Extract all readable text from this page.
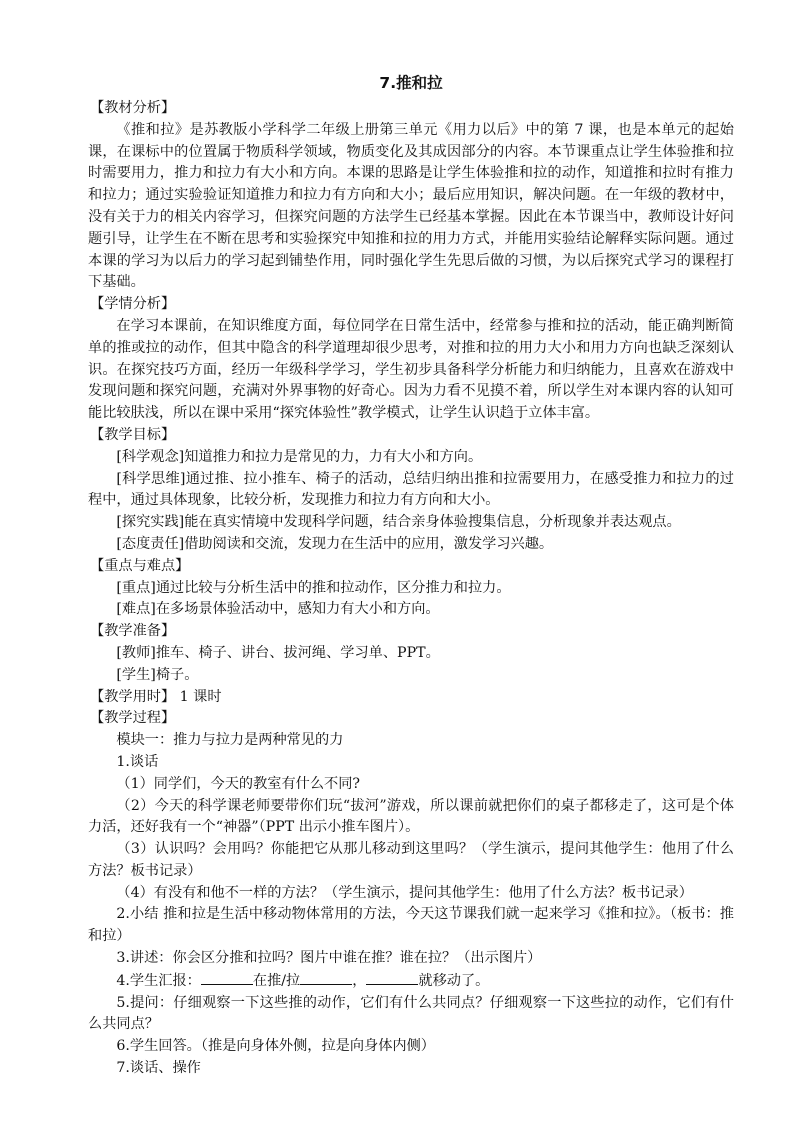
7.推和拉

【教材分析】

《推和拉》是苏教版小学科学二年级上册第三单元《用力以后》中的第 7 课，也是本单元的起始课，在课标中的位置属于物质科学领域，物质变化及其成因部分的内容。本节课重点让学生体验推和拉时需要用力，推力和拉力有大小和方向。本课的思路是让学生体验推和拉的动作，知道推和拉时有推力和拉力；通过实验验证知道推力和拉力有方向和大小；最后应用知识，解决问题。在一年级的教材中，没有关于力的相关内容学习，但探究问题的方法学生已经基本掌握。因此在本节课当中，教师设计好问题引导，让学生在不断在思考和实验探究中知推和拉的用力方式，并能用实验结论解释实际问题。通过本课的学习为以后力的学习起到铺垫作用，同时强化学生先思后做的习惯，为以后探究式学习的课程打下基础。

【学情分析】

在学习本课前，在知识维度方面，每位同学在日常生活中，经常参与推和拉的活动，能正确判断简单的推或拉的动作，但其中隐含的科学道理却很少思考，对推和拉的用力大小和用力方向也缺乏深刻认识。在探究技巧方面，经历一年级科学学习，学生初步具备科学分析能力和归纳能力，且喜欢在游戏中发现问题和探究问题，充满对外界事物的好奇心。因为力看不见摸不着，所以学生对本课内容的认知可能比较肤浅，所以在课中采用“探究体验性”教学模式，让学生认识趋于立体丰富。

【教学目标】

[科学观念]知道推力和拉力是常见的力，力有大小和方向。

[科学思维]通过推、拉小推车、椅子的活动，总结归纳出推和拉需要用力，在感受推力和拉力的过程中，通过具体现象，比较分析，发现推力和拉力有方向和大小。

[探究实践]能在真实情境中发现科学问题，结合亲身体验搜集信息，分析现象并表达观点。

[态度责任]借助阅读和交流，发现力在生活中的应用，激发学习兴趣。

【重点与难点】

[重点]通过比较与分析生活中的推和拉动作，区分推力和拉力。

[难点]在多场景体验活动中，感知力有大小和方向。

【教学准备】

[教师]推车、椅子、讲台、拔河绳、学习单、PPT。

[学生]椅子。

【教学用时】 1 课时

【教学过程】

模块一：推力与拉力是两种常见的力

1.谈话

（1）同学们，今天的教室有什么不同?

（2）今天的科学课老师要带你们玩“拔河”游戏，所以课前就把你们的桌子都移走了，这可是个体力活，还好我有一个“神器”（PPT 出示小推车图片）。

（3）认识吗？会用吗？你能把它从那儿移动到这里吗？（学生演示，提问其他学生：他用了什么方法？板书记录）

（4）有没有和他不一样的方法？（学生演示，提问其他学生：他用了什么方法？板书记录）

2.小结 推和拉是生活中移动物体常用的方法，今天这节课我们就一起来学习《推和拉》。（板书：推和拉）

3.讲述：你会区分推和拉吗？图片中谁在推？谁在拉？（出示图片）

4.学生汇报：	在推/拉	，	就移动了。

5.提问：仔细观察一下这些推的动作，它们有什么共同点？仔细观察一下这些拉的动作，它们有什么共同点？

6.学生回答。（推是向身体外侧，拉是向身体内侧）

7.谈话、操作
